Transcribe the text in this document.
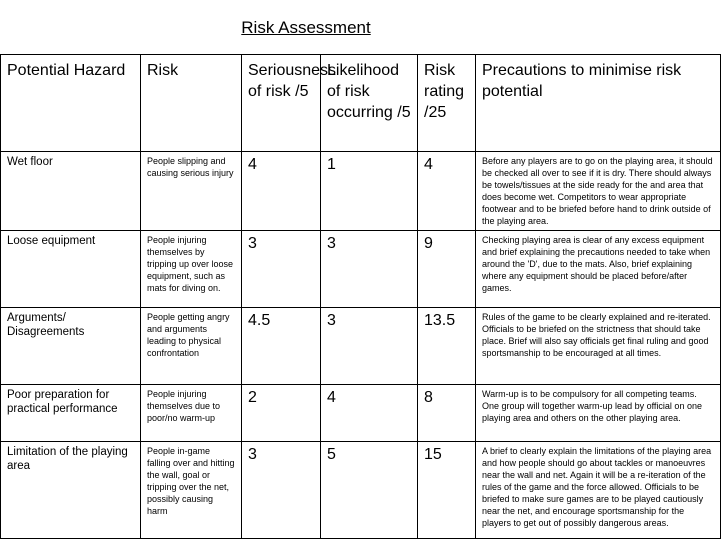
Risk Assessment
Potential Hazard	Risk	Seriousness of risk /5	Likelihood of risk occurring /5	Risk rating /25	Precautions to minimise risk potential
Wet floor	People slipping and causing serious injury	4	1	4	Before any players are to go on the playing area, it should be checked all over to see if it is dry. There should always be towels/tissues at the side ready for the and area that does become wet. Competitors to wear appropriate footwear and to be briefed before hand to drink outside of the playing area.
Loose equipment	People injuring themselves by tripping up over loose equipment, such as mats for diving on.	3	3	9	Checking playing area is clear of any excess equipment and brief explaining the precautions needed to take when around the 'D', due to the mats. Also, brief explaining where any equipment should be placed before/after games.
Arguments/ Disagreements	People getting angry and arguments leading to physical confrontation	4.5	3	13.5	Rules of the game to be clearly explained and re-iterated. Officials to be briefed on the strictness that should take place. Brief will also say officials get final ruling and good sportsmanship to be encouraged at all times.
Poor preparation for practical performance	People injuring themselves due to poor/no warm-up	2	4	8	Warm-up is to be compulsory for all competing teams. One group will together warm-up lead by official on one playing area and others on the other playing area.
Limitation of the playing area	People in-game falling over and hitting the wall, goal or tripping over the net, possibly causing harm	3	5	15	A brief to clearly explain the limitations of the playing area and how people should go about tackles or manoeuvres near the wall and net. Again it will be a re-iteration of the rules of the game and the force allowed. Officials to be briefed to make sure games are to be played cautiously near the net, and encourage sportsmanship for the players to get out of possibly dangerous areas.
